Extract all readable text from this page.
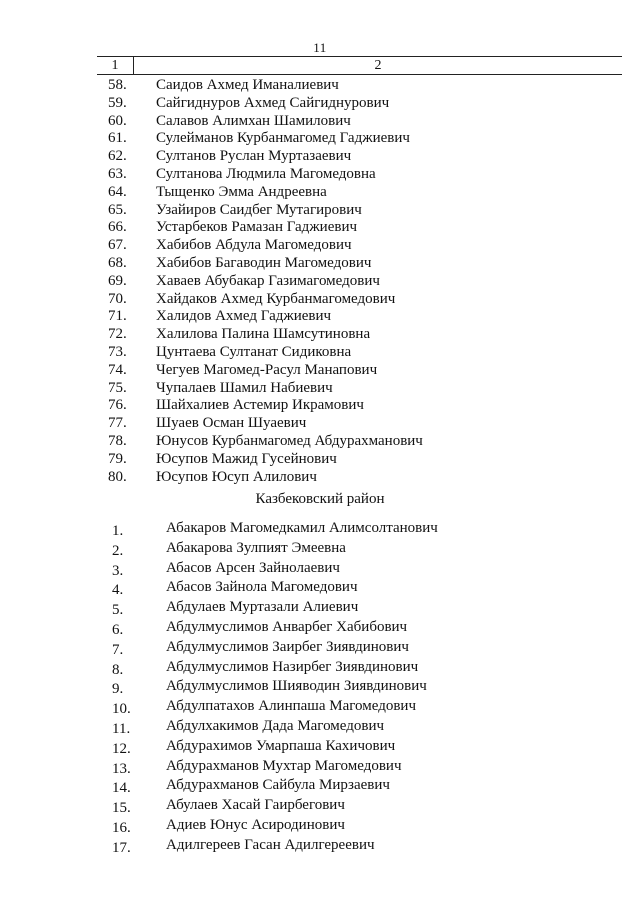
11
1	2
58. Саидов Ахмед Иманалиевич
59. Сайгиднуров Ахмед Сайгиднурович
60. Салавов Алимхан Шамилович
61. Сулейманов Курбанмагомед Гаджиевич
62. Султанов Руслан Муртазаевич
63. Султанова Людмила Магомедовна
64. Тыщенко Эмма Андреевна
65. Узайиров Саидбег Мутагирович
66. Устарбеков Рамазан Гаджиевич
67. Хабибов Абдула Магомедович
68. Хабибов Багаводин Магомедович
69. Хаваев Абубакар Газимагомедович
70. Хайдаков Ахмед Курбанмагомедович
71. Халидов Ахмед Гаджиевич
72. Халилова Палина Шамсутиновна
73. Цунтаева Султанат Сидиковна
74. Чегуев Магомед-Расул Манапович
75. Чупалаев Шамил Набиевич
76. Шайхалиев Астемир Икрамович
77. Шуаев Осман Шуаевич
78. Юнусов Курбанмагомед Абдурахманович
79. Юсупов Мажид Гусейнович
80. Юсупов Юсуп Алилович
Казбековский район
1.	Абакаров Магомедкамил Алимсолтанович
2.	Абакарова Зулпият Эмеевна
3.	Абасов Арсен Зайнолаевич
4.	Абасов Зайнола Магомедович
5.	Абдулаев Муртазали Алиевич
6.	Абдулмуслимов Анварбег Хабибович
7.	Абдулмуслимов Заирбег Зиявдинович
8.	Абдулмуслимов Назирбег Зиявдинович
9.	Абдулмуслимов Шияводин Зиявдинович
10. Абдулпатахов Алинпаша Магомедович
11. Абдулхакимов Дада Магомедович
12. Абдурахимов Умарпаша Кахичович
13. Абдурахманов Мухтар Магомедович
14. Абдурахманов Сайбула Мирзаевич
15. Абулаев Хасай Гаирбегович
16. Адиев Юнус Асиродинович
17. Адилгереев Гасан Адилгереевич
